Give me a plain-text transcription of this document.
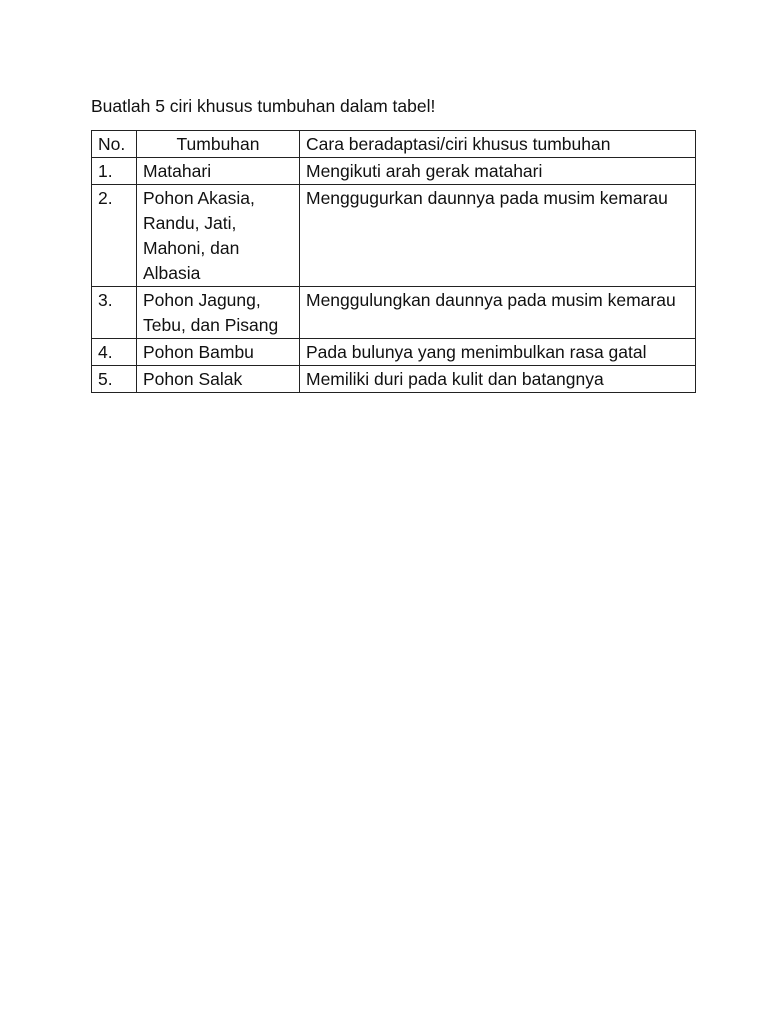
Buatlah 5 ciri khusus tumbuhan dalam tabel!
No.	Tumbuhan	Cara beradaptasi/ciri khusus tumbuhan
1.	Matahari	Mengikuti arah gerak matahari
2.	Pohon Akasia, Randu, Jati, Mahoni, dan Albasia	Menggugurkan daunnya pada musim kemarau
3.	Pohon Jagung, Tebu, dan Pisang	Menggulungkan daunnya pada musim kemarau
4.	Pohon Bambu	Pada bulunya yang menimbulkan rasa gatal
5.	Pohon Salak	Memiliki duri pada kulit dan batangnya
